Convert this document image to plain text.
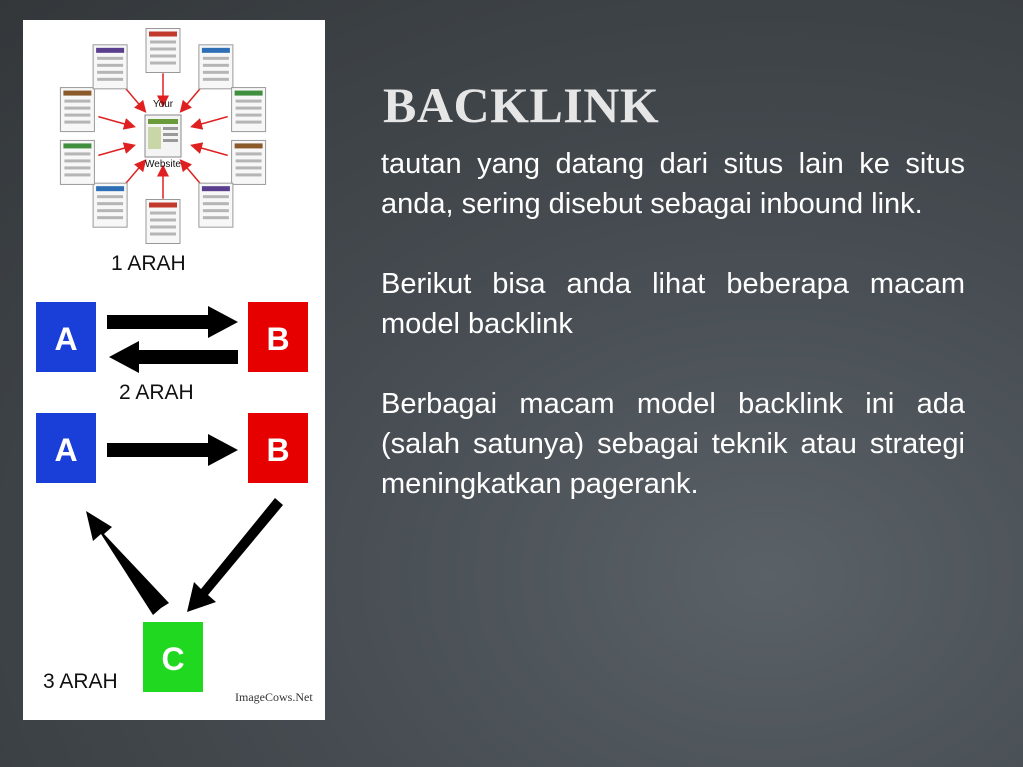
Your
Website
1 ARAH
A	B
2 ARAH
A	B
C
3 ARAH
ImageCows.Net
BACKLINK

tautan yang datang dari situs lain ke situs anda, sering disebut sebagai inbound link.

Berikut bisa anda lihat beberapa macam model backlink

Berbagai macam model backlink ini ada (salah satunya) sebagai teknik atau strategi meningkatkan pagerank.
